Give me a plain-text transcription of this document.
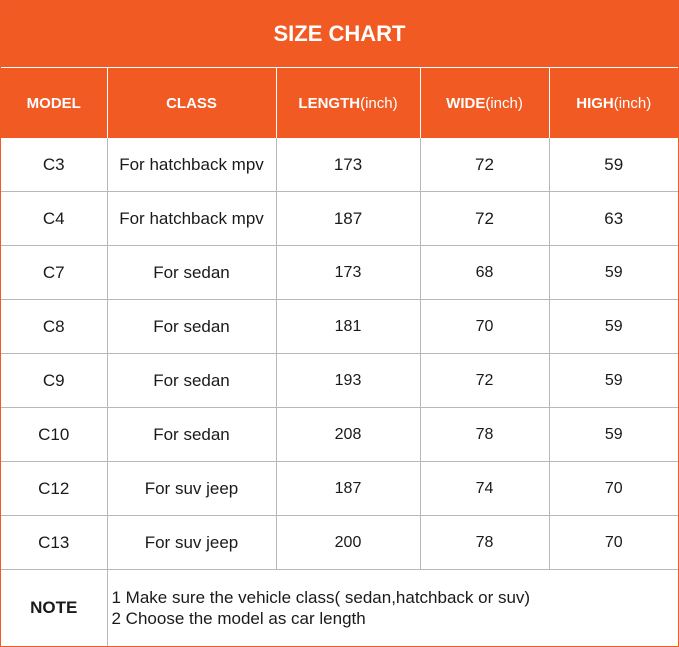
SIZE CHART
MODEL	CLASS	LENGTH(inch)	WIDE(inch)	HIGH(inch)
C3	For hatchback mpv	173	72	59
C4	For hatchback mpv	187	72	63
C7	For sedan	173	68	59
C8	For sedan	181	70	59
C9	For sedan	193	72	59
C10	For sedan	208	78	59
C12	For suv jeep	187	74	70
C13	For suv jeep	200	78	70
NOTE	1 Make sure the vehicle class( sedan,hatchback or suv)
2 Choose the model as car length			
